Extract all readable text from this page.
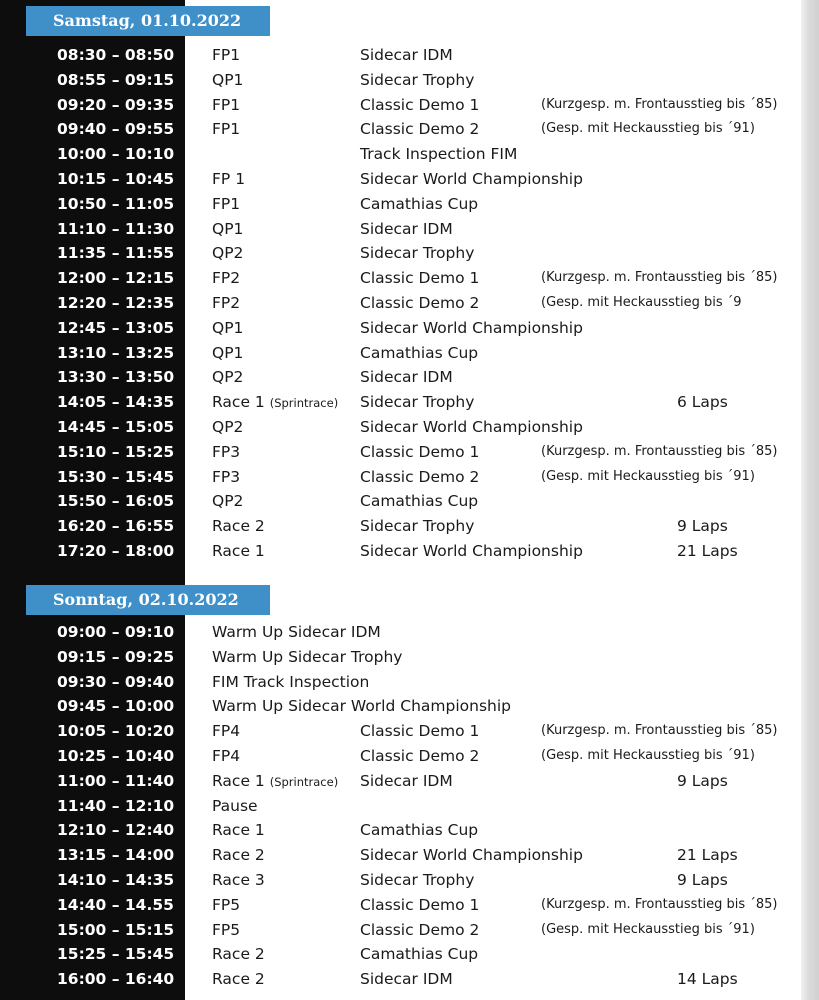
Samstag, 01.10.2022
08:30 – 08:50 FP1	Sidecar IDM
08:55 – 09:15 QP1	Sidecar Trophy
09:20 – 09:35 FP1	Classic Demo 1	(Kurzgesp. m. Frontausstieg bis ´85)
09:40 – 09:55 FP1	Classic Demo 2	(Gesp. mit Heckausstieg bis ´91)
10:00 – 10:10	Track Inspection FIM
10:15 – 10:45 FP 1	Sidecar World Championship
10:50 – 11:05 FP1	Camathias Cup
11:10 – 11:30 QP1	Sidecar IDM
11:35 – 11:55 QP2	Sidecar Trophy
12:00 – 12:15 FP2	Classic Demo 1	(Kurzgesp. m. Frontausstieg bis ´85)
12:20 – 12:35 FP2	Classic Demo 2	(Gesp. mit Heckausstieg bis ´9
12:45 – 13:05 QP1	Sidecar World Championship
13:10 – 13:25 QP1	Camathias Cup
13:30 – 13:50 QP2	Sidecar IDM
14:05 – 14:35 Race 1 (Sprintrace) Sidecar Trophy	6 Laps
14:45 – 15:05 QP2	Sidecar World Championship
15:10 – 15:25 FP3	Classic Demo 1	(Kurzgesp. m. Frontausstieg bis ´85)
15:30 – 15:45 FP3	Classic Demo 2	(Gesp. mit Heckausstieg bis ´91)
15:50 – 16:05 QP2	Camathias Cup
16:20 – 16:55 Race 2	Sidecar Trophy	9 Laps
17:20 – 18:00 Race 1	Sidecar World Championship	21 Laps
Sonntag, 02.10.2022
09:00 – 09:10 Warm Up Sidecar IDM
09:15 – 09:25 Warm Up Sidecar Trophy
09:30 – 09:40 FIM Track Inspection
09:45 – 10:00 Warm Up Sidecar World Championship
10:05 – 10:20 FP4	Classic Demo 1	(Kurzgesp. m. Frontausstieg bis ´85)
10:25 – 10:40 FP4	Classic Demo 2	(Gesp. mit Heckausstieg bis ´91)
11:00 – 11:40 Race 1 (Sprintrace) Sidecar IDM	9 Laps
11:40 – 12:10 Pause
12:10 – 12:40 Race 1	Camathias Cup
13:15 – 14:00 Race 2	Sidecar World Championship	21 Laps
14:10 – 14:35 Race 3	Sidecar Trophy	9 Laps
14:40 – 14.55 FP5	Classic Demo 1	(Kurzgesp. m. Frontausstieg bis ´85)
15:00 – 15:15 FP5	Classic Demo 2	(Gesp. mit Heckausstieg bis ´91)
15:25 – 15:45 Race 2	Camathias Cup
16:00 – 16:40 Race 2	Sidecar IDM	14 Laps
